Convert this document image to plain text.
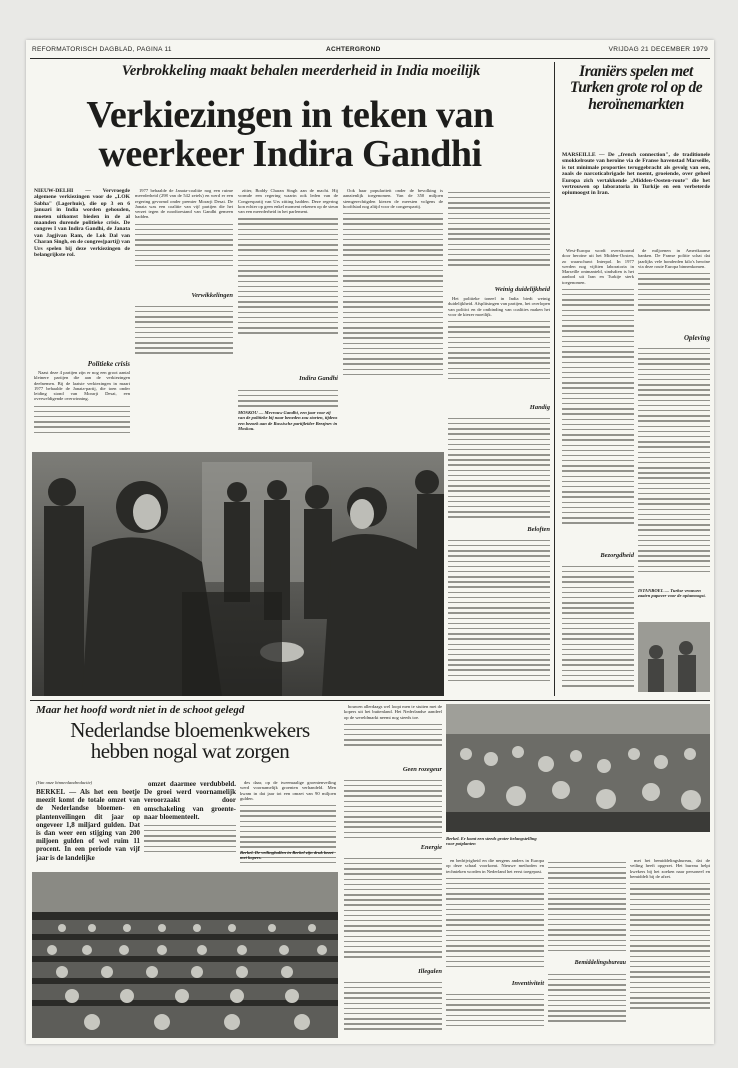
REFORMATORISCH DAGBLAD, PAGINA 11	ACHTERGROND	VRIJDAG 21 DECEMBER 1979
Verbrokkeling maakt behalen meerderheid in India moeilijk
Verkiezingen in teken van
weerkeer Indira Gandhi
NIEUW-DELHI — Vervroegde algemene verkiezingen voor de „LOK Sabha" (Lagerhuis), die op 3 en 6 januari in India worden gehouden, moeten uitkomst bieden in de al maanden durende politieke crisis. De congres I van Indira Gandhi, de Janata van Jagjivan Ram, de Lok Dal van Charan Singh, en de congres(partij) van Urs spelen bij deze verkiezingen de belangrijkste rol.
Politieke crisis

Naast deze 4 partijen zijn er nog een groot aantal kleinere partijen die aan de verkiezingen deelnemen. Bij de laatste verkiezingen in maart 1977 behaalde de Janata-partij, die toen onder leiding stond van Morarji Desai, een overweldigende overwinning.

1977 behaalde de Janata-coalitie nog een ruime meerderheid (298 van de 542 zetels) en werd er een regering gevormd onder premier Morarji Desai. De Janata was een coalitie van vijf partijen die het verzet tegen de noodtoestand van Gandhi gemeen hadden.

Verwikkelingen

zitter, Boddy Charan Singh aan de macht. Hij vormde een regering waarin ook leden van de Congrespartij van Urs zitting hadden. Deze regering kon echter op geen enkel moment rekenen op de steun van een meerderheid in het parlement.

Indira Gandhi
MOSKOU — Mevrouw Gandhi, een jaar voor zij van de politieke bij naar beneden zou storten, tijdens een bezoek aan de Russische partijleider Brezjnev in Moskou.

Ook haar populariteit onder de bevolking is aanzienlijk toegenomen. Van de 350 miljoen stemgerechtigden kiezen de meesten volgens de hoofdstad nog altijd voor de congrespartij.

Weinig duidelijkheid

Het politieke toneel in India biedt weinig duidelijkheid. Afsplitsingen van partijen, het overlopen van politici en de ontbinding van coalities maken het voor de kiezer moeilijk.

Handig
Beloften
Iraniërs spelen met Turken grote rol op de heroïnemarkten
MARSEILLE — De „french connection", de traditionele smokkelroute van heroïne via de Franse havenstad Marseille, is tot minimale proporties teruggebracht als gevolg van een, zoals de narcoticabrigade het noemt, groeiende, over geheel Europa zich vertakkende „Midden-Oosten-route" die het vertrouwen op laboratoria in Turkije en een verbeterde opiumoogst in Iran.

West-Europa wordt overstroomd door heroïne uit het Midden-Oosten, zo waarschuwt Interpol. In 1977 werden nog vijftien laboratoria in Marseille ontmanteld, sindsdien is het aanbod uit Iran en Turkije sterk toegenomen.

Bezorgdheid

de miljoenen in Amerikaanse banken. De Franse politie schat dat jaarlijks vele honderden kilo's heroïne via deze route Europa binnenkomen.

Opleving
ISTANBOEL — Turkse vrouwen zaaien papaver voor de opiumoogst.
Maar het hoofd wordt niet in de schoot gelegd
Nederlandse bloemenkwekers
hebben nogal wat zorgen
(Van onze binnenlandredactie)
BERKEL — Als het een beetje meezit komt de totale omzet van de Nederlandse bloemen- en plantenveilingen dit jaar op ongeveer 1,8 miljard gulden. Dat is dan weer een stijging van 200 miljoen gulden of wel ruim 11 procent. In een periode van vijf jaar is de landelijke

omzet daarmee verdubbeld. De groei werd voornamelijk veroorzaakt door omschakeling van groente- naar bloementeelt.

des daar, op de tweemaalige groentenveiling werd voornamelijk groenten verhandeld. Men kwam in dat jaar tot een omzet van 90 miljoen gulden.

Berkel. De veilinghallen in Berkel zijn druk bezet met kopers.

bouwen allerdaags wel loopt men te stuiten met de kopers uit het buitenland. Het Nederlandse aandeel op de wereldmarkt neemt nog steeds toe.

Geen rozegeur
Energie
Illegalen
Berkel. Er komt een steeds groter belangstelling voor potplanten

en bedrijvigheid en die nergens anders in Europa op deze schaal voorkomt. Nieuwe methoden en technieken worden in Nederland het eerst toegepast.

Inventiviteit
Bemiddelingsbureau

met het bemiddelingsbureau, dat de veiling heeft opgezet. Het bureau helpt kwekers bij het zoeken naar personeel en bemiddelt bij de afzet.
